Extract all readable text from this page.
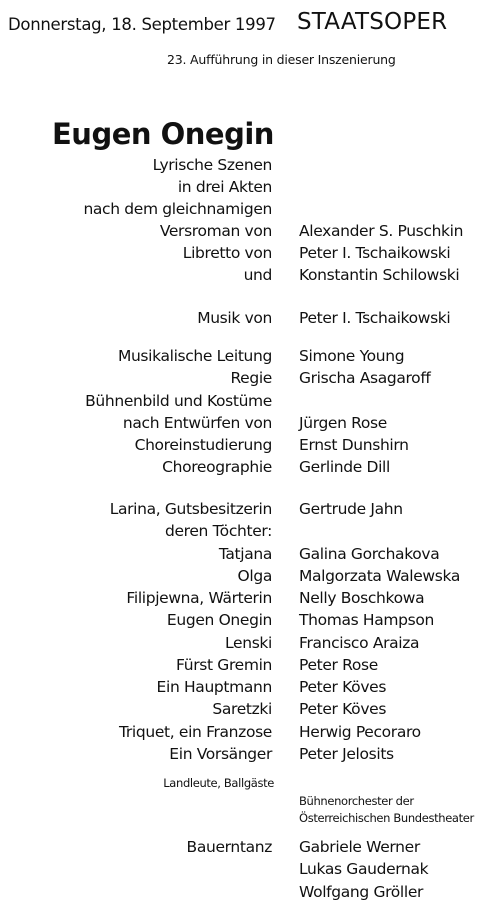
Donnerstag, 18. September 1997 STAATSOPER
23. Aufführung in dieser Inszenierung
Eugen Onegin
Lyrische Szenen
in drei Akten
nach dem gleichnamigen
Versroman von Alexander S. Puschkin
Libretto von Peter I. Tschaikowski
und Konstantin Schilowski
Musik von Peter I. Tschaikowski
Musikalische Leitung Simone Young
Regie Grischa Asagaroff
Bühnenbild und Kostüme
nach Entwürfen von Jürgen Rose
Choreinstudierung Ernst Dunshirn
Choreographie Gerlinde Dill
Larina, Gutsbesitzerin Gertrude Jahn
deren Töchter:
Tatjana Galina Gorchakova
Olga Malgorzata Walewska
Filipjewna, Wärterin Nelly Boschkowa
Eugen Onegin Thomas Hampson
Lenski Francisco Araiza
Fürst Gremin Peter Rose
Ein Hauptmann Peter Köves
Saretzki Peter Köves
Triquet, ein Franzose Herwig Pecoraro
Ein Vorsänger Peter Jelosits
Landleute, Ballgäste
Bühnenorchester der Österreichischen Bundestheater
Bauerntanz Gabriele Werner
Lukas Gaudernak
Wolfgang Gröller
